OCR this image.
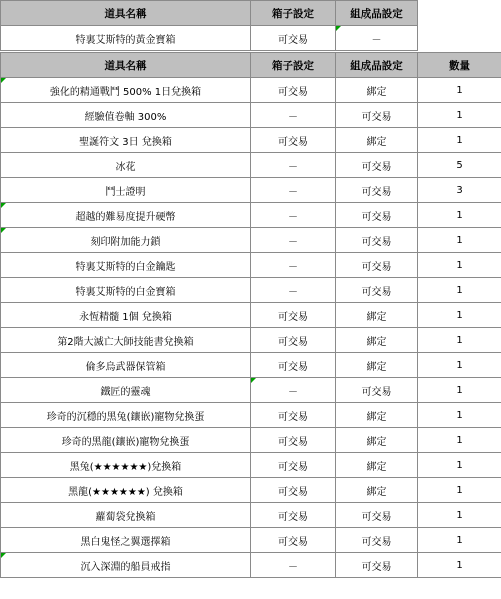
道具名稱	箱子設定	組成品設定
特裏艾斯特的黃金寶箱	可交易	－
道具名稱	箱子設定	組成品設定	數量
強化的精通戰鬥 500% 1日兌換箱	可交易	綁定	1
經驗值卷軸 300%	－	可交易	1
聖誕符文 3日 兌換箱	可交易	綁定	1
冰花	－	可交易	5
鬥士證明	－	可交易	3
超越的難易度提升硬幣	－	可交易	1
刻印附加能力鎖	－	可交易	1
特裏艾斯特的白金鑰匙	－	可交易	1
特裏艾斯特的白金寶箱	－	可交易	1
永恆精髓 1個 兌換箱	可交易	綁定	1
第2階大滅亡大師技能書兌換箱	可交易	綁定	1
倫多烏武器保管箱	可交易	綁定	1
鐵匠的靈魂	－	可交易	1
珍奇的沉穩的黑兔(鑲嵌)寵物兌換蛋	可交易	綁定	1
珍奇的黑龍(鑲嵌)寵物兌換蛋	可交易	綁定	1
黑兔(★★★★★★)兌換箱	可交易	綁定	1
黑龍(★★★★★★) 兌換箱	可交易	綁定	1
蘿蔔袋兌換箱	可交易	可交易	1
黑白鬼怪之翼選擇箱	可交易	可交易	1
沉入深淵的船員戒指	－	可交易	1
